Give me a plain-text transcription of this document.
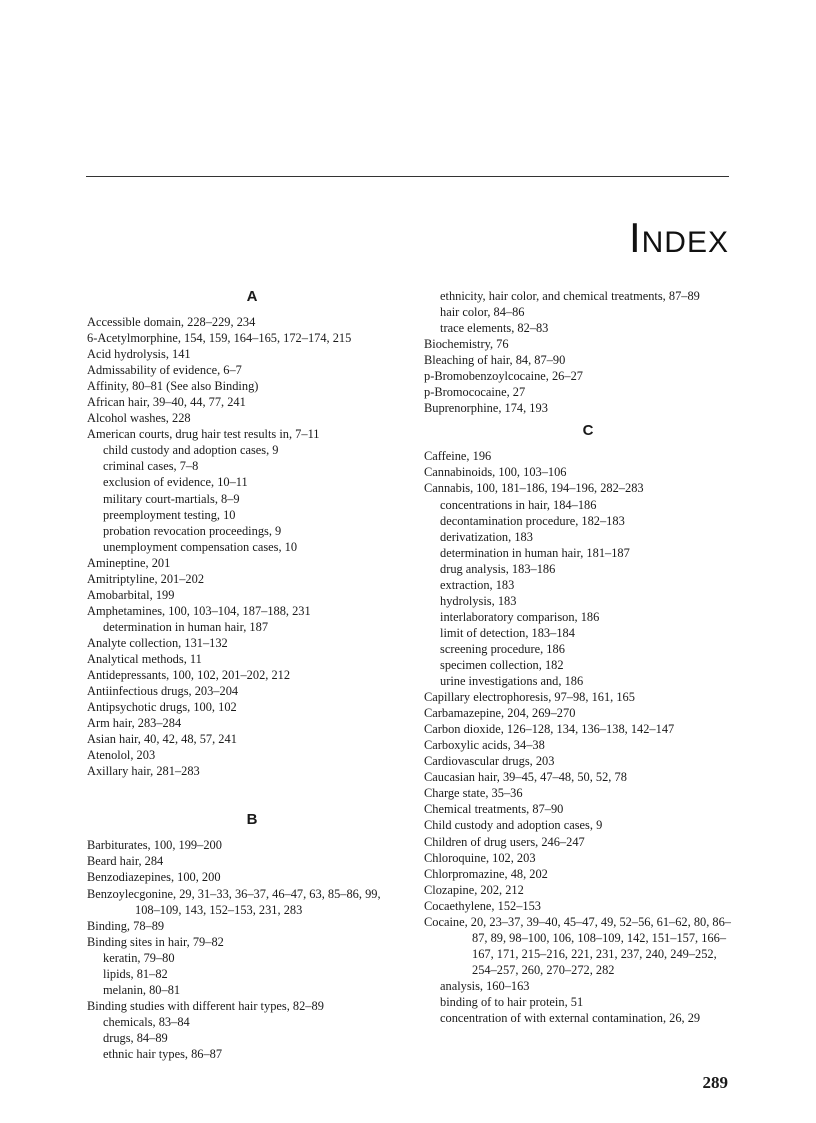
INDEX
A
Accessible domain, 228–229, 234
6-Acetylmorphine, 154, 159, 164–165, 172–174, 215
Acid hydrolysis, 141
Admissability of evidence, 6–7
Affinity, 80–81 (See also Binding)
African hair, 39–40, 44, 77, 241
Alcohol washes, 228
American courts, drug hair test results in, 7–11
child custody and adoption cases, 9
criminal cases, 7–8
exclusion of evidence, 10–11
military court-martials, 8–9
preemployment testing, 10
probation revocation proceedings, 9
unemployment compensation cases, 10
Amineptine, 201
Amitriptyline, 201–202
Amobarbital, 199
Amphetamines, 100, 103–104, 187–188, 231
determination in human hair, 187
Analyte collection, 131–132
Analytical methods, 11
Antidepressants, 100, 102, 201–202, 212
Antiinfectious drugs, 203–204
Antipsychotic drugs, 100, 102
Arm hair, 283–284
Asian hair, 40, 42, 48, 57, 241
Atenolol, 203
Axillary hair, 281–283
B
Barbiturates, 100, 199–200
Beard hair, 284
Benzodiazepines, 100, 200
Benzoylecgonine, 29, 31–33, 36–37, 46–47, 63, 85–86, 99, 108–109, 143, 152–153, 231, 283
Binding, 78–89
Binding sites in hair, 79–82
keratin, 79–80
lipids, 81–82
melanin, 80–81
Binding studies with different hair types, 82–89
chemicals, 83–84
drugs, 84–89
ethnic hair types, 86–87
ethnicity, hair color, and chemical treatments, 87–89
hair color, 84–86
trace elements, 82–83
Biochemistry, 76
Bleaching of hair, 84, 87–90
p-Bromobenzoylcocaine, 26–27
p-Bromococaine, 27
Buprenorphine, 174, 193
C
Caffeine, 196
Cannabinoids, 100, 103–106
Cannabis, 100, 181–186, 194–196, 282–283
concentrations in hair, 184–186
decontamination procedure, 182–183
derivatization, 183
determination in human hair, 181–187
drug analysis, 183–186
extraction, 183
hydrolysis, 183
interlaboratory comparison, 186
limit of detection, 183–184
screening procedure, 186
specimen collection, 182
urine investigations and, 186
Capillary electrophoresis, 97–98, 161, 165
Carbamazepine, 204, 269–270
Carbon dioxide, 126–128, 134, 136–138, 142–147
Carboxylic acids, 34–38
Cardiovascular drugs, 203
Caucasian hair, 39–45, 47–48, 50, 52, 78
Charge state, 35–36
Chemical treatments, 87–90
Child custody and adoption cases, 9
Children of drug users, 246–247
Chloroquine, 102, 203
Chlorpromazine, 48, 202
Clozapine, 202, 212
Cocaethylene, 152–153
Cocaine, 20, 23–37, 39–40, 45–47, 49, 52–56, 61–62, 80, 86–87, 89, 98–100, 106, 108–109, 142, 151–157, 166–167, 171, 215–216, 221, 231, 237, 240, 249–252, 254–257, 260, 270–272, 282
analysis, 160–163
binding of to hair protein, 51
concentration of with external contamination, 26, 29
289
